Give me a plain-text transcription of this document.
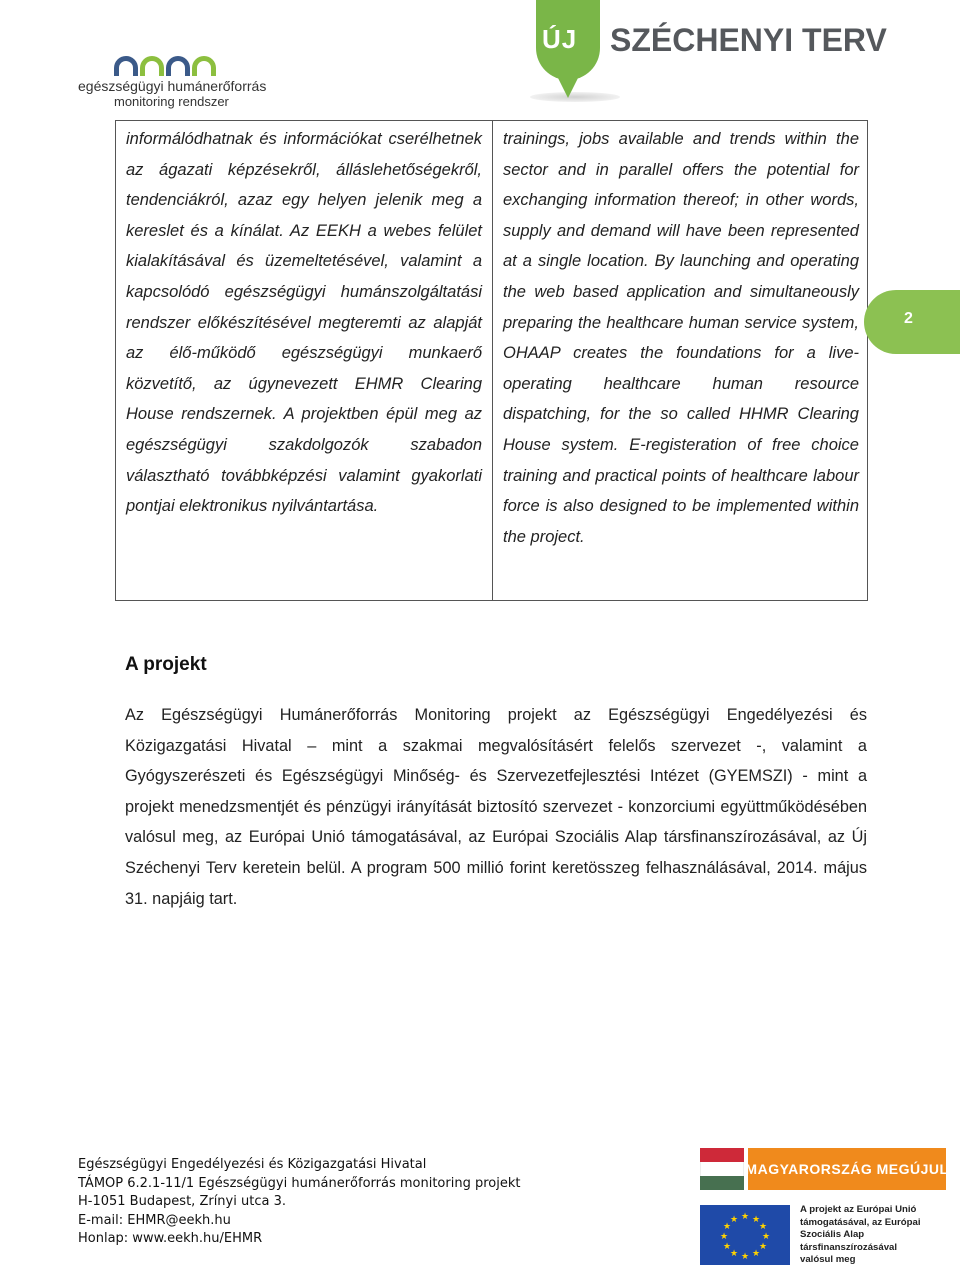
egészségügyi humánerőforrás
monitoring rendszer
ÚJ SZÉCHENYI TERV
informálódhatnak és információkat cserélhetnek az ágazati képzésekről, álláslehetőségekről, tendenciákról, azaz egy helyen jelenik meg a kereslet és a kínálat. Az EEKH a webes felület kialakításával és üzemeltetésével, valamint a kapcsolódó egészségügyi humánszolgáltatási rendszer előkészítésével megteremti az alapját az élő-működő egészségügyi munkaerő közvetítő, az úgynevezett EHMR Clearing House rendszernek. A projektben épül meg az egészségügyi szakdolgozók szabadon választható továbbképzési valamint gyakorlati pontjai elektronikus nyilvántartása.
trainings, jobs available and trends within the sector and in parallel offers the potential for exchanging information thereof; in other words, supply and demand will have been represented at a single location. By launching and operating the web based application and simultaneously preparing the healthcare human service system, OHAAP creates the foundations for a live-operating healthcare human resource dispatching, for the so called HHMR Clearing House system. E-registeration of free choice training and practical points of healthcare labour force is also designed to be implemented within the project.
2
A projekt

Az Egészségügyi Humánerőforrás Monitoring projekt az Egészségügyi Engedélyezési és Közigazgatási Hivatal – mint a szakmai megvalósításért felelős szervezet -, valamint a Gyógyszerészeti és Egészségügyi Minőség- és Szervezetfejlesztési Intézet (GYEMSZI) - mint a projekt menedzsmentjét és pénzügyi irányítását biztosító szervezet - konzorciumi együttműködésében valósul meg, az Európai Unió támogatásával, az Európai Szociális Alap társfinanszírozásával, az Új Széchenyi Terv keretein belül. A program 500 millió forint keretösszeg felhasználásával, 2014. május 31. napjáig tart.

Egészségügyi Engedélyezési és Közigazgatási Hivatal
TÁMOP 6.2.1-11/1 Egészségügyi humánerőforrás monitoring projekt
H-1051 Budapest, Zrínyi utca 3.
E-mail: EHMR@eekh.hu
Honlap: www.eekh.hu/EHMR
MAGYARORSZÁG MEGÚJUL
★ ★
★
★
★
★
★
★
★
★
★
★
A projekt az Európai Unió
támogatásával, az Európai
Szociális Alap
társfinanszírozásával
valósul meg
